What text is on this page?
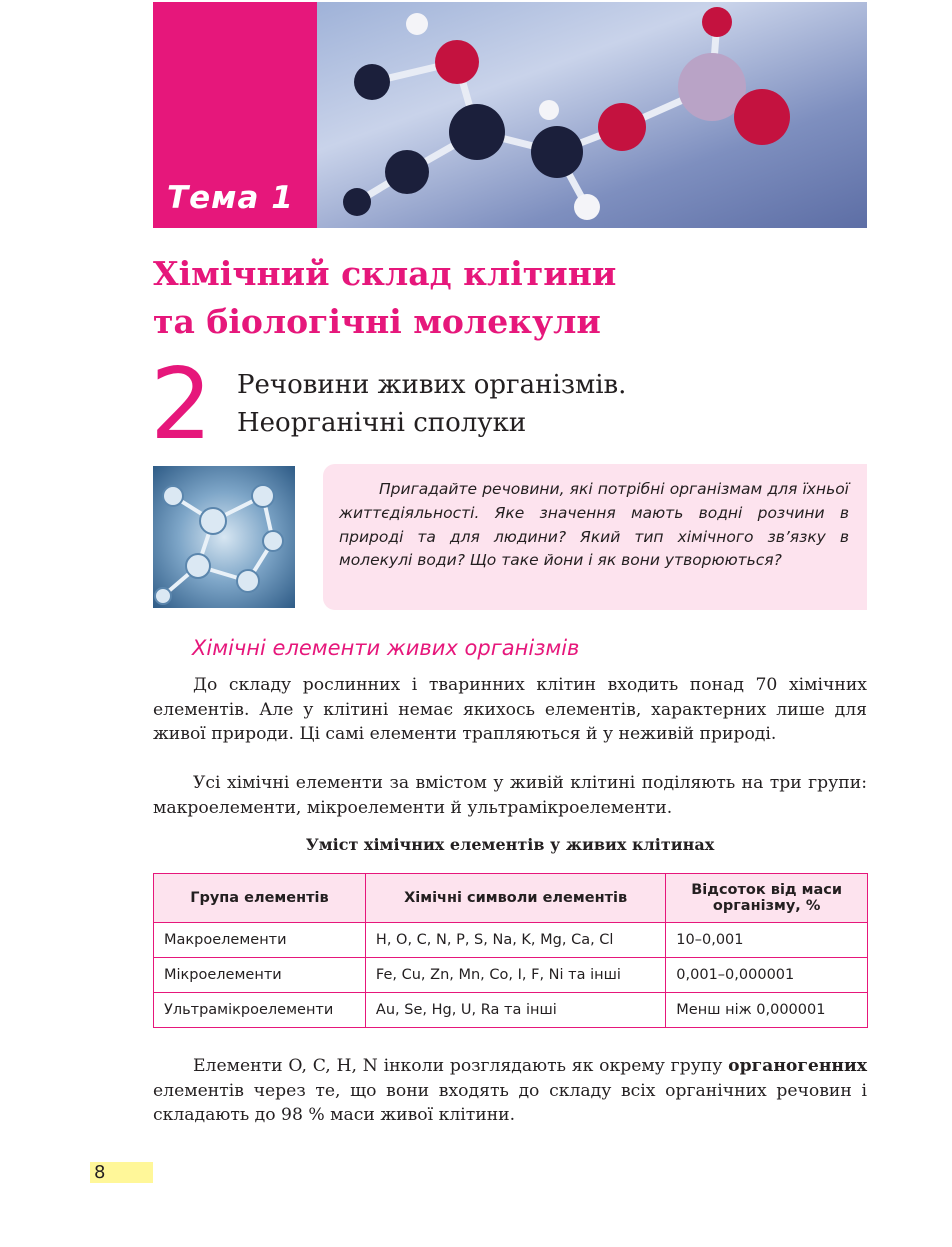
Тема 1
Хімічний склад клітини
та біологічні молекули
2 Речовини живих організмів.
Неорганічні сполуки

Пригадайте речовини, які потрібні організмам для їхньої життєдіяльності. Яке значення мають водні розчини в природі та для людини? Який тип хімічного зв’язку в молекулі води? Що таке йони і як вони утворюються?

Хімічні елементи живих організмів

До складу рослинних і тваринних клітин входить понад 70 хімічних елементів. Але у клітині немає якихось елементів, характерних лише для живої природи. Ці самі елементи трапляються й у неживій природі.

Усі хімічні елементи за вмістом у живій клітині поділяють на три групи: макроелементи, мікроелементи й ультрамікроелементи.

Уміст хімічних елементів у живих клітинах

Група елементів	Хімічні символи елементів	Відсоток від маси організму, %
Макроелементи	H, O, C, N, P, S, Na, K, Mg, Ca, Cl	10–0,001
Мікроелементи	Fe, Cu, Zn, Mn, Co, I, F, Ni та інші	0,001–0,000001
Ультрамікроелементи	Au, Se, Hg, U, Ra та інші	Менш ніж 0,000001

Елементи O, C, H, N інколи розглядають як окрему групу органогенних елементів через те, що вони входять до складу всіх органічних речовин і складають до 98 % маси живої клітини.

8
